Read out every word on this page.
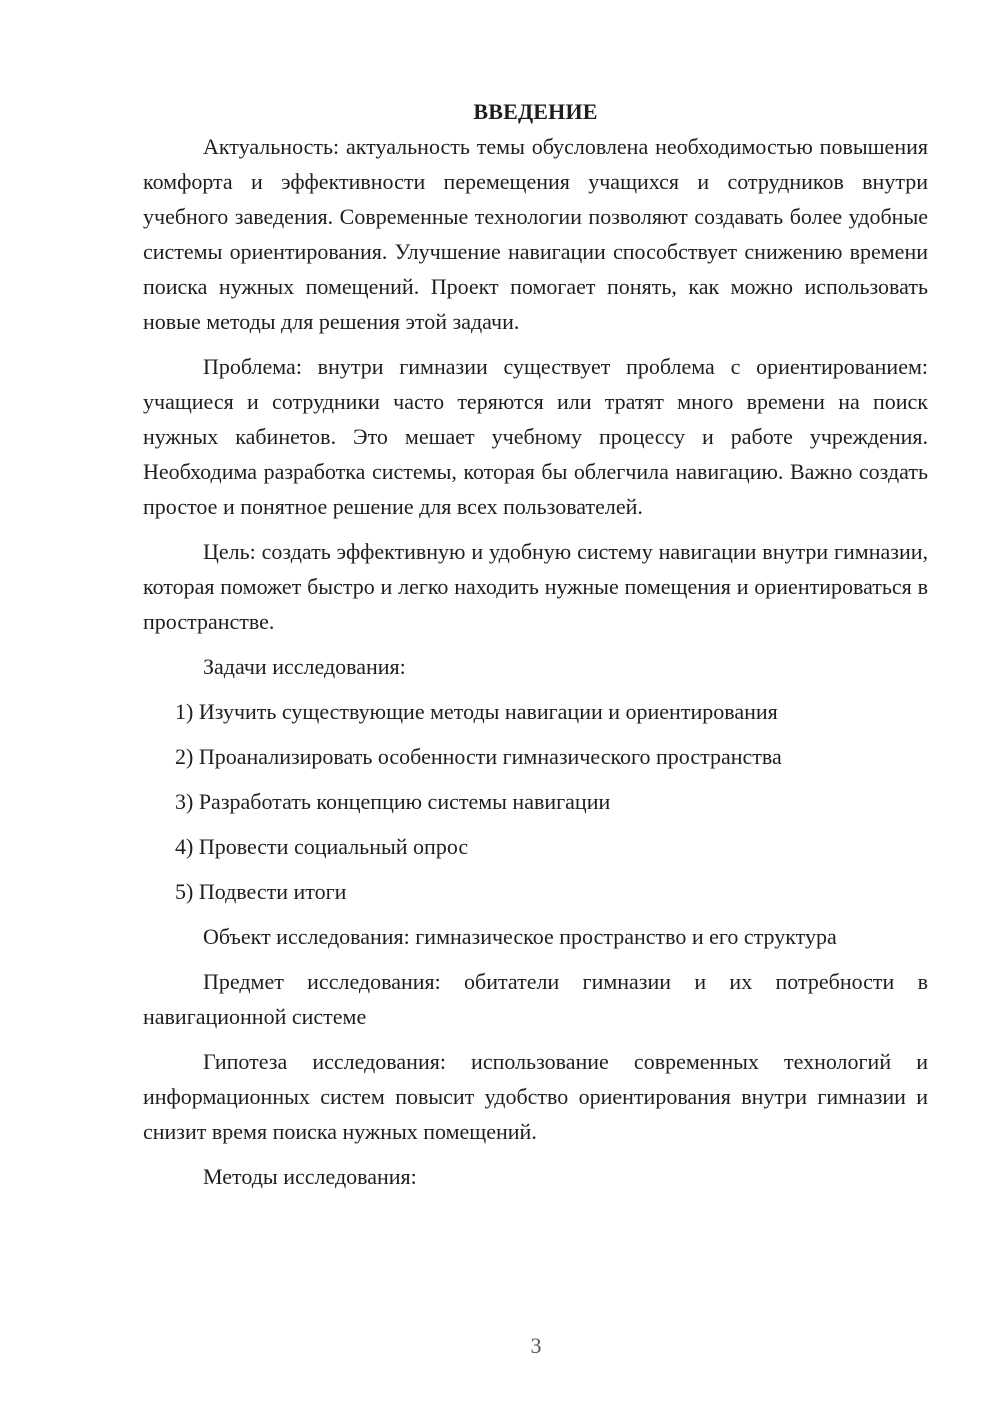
ВВЕДЕНИЕ

Актуальность: актуальность темы обусловлена необходимостью повышения комфорта и эффективности перемещения учащихся и сотрудников внутри учебного заведения. Современные технологии позволяют создавать более удобные системы ориентирования. Улучшение навигации способствует снижению времени поиска нужных помещений. Проект помогает понять, как можно использовать новые методы для решения этой задачи.

Проблема: внутри гимназии существует проблема с ориентированием: учащиеся и сотрудники часто теряются или тратят много времени на поиск нужных кабинетов. Это мешает учебному процессу и работе учреждения. Необходима разработка системы, которая бы облегчила навигацию. Важно создать простое и понятное решение для всех пользователей.

Цель: создать эффективную и удобную систему навигации внутри гимназии, которая поможет быстро и легко находить нужные помещения и ориентироваться в пространстве.

Задачи исследования:

1) Изучить существующие методы навигации и ориентирования
2) Проанализировать особенности гимназического пространства
3) Разработать концепцию системы навигации
4) Провести социальный опрос
5) Подвести итоги

Объект исследования: гимназическое пространство и его структура

Предмет исследования: обитатели гимназии и их потребности в навигационной системе

Гипотеза исследования: использование современных технологий и информационных систем повысит удобство ориентирования внутри гимназии и снизит время поиска нужных помещений.

Методы исследования:

3
